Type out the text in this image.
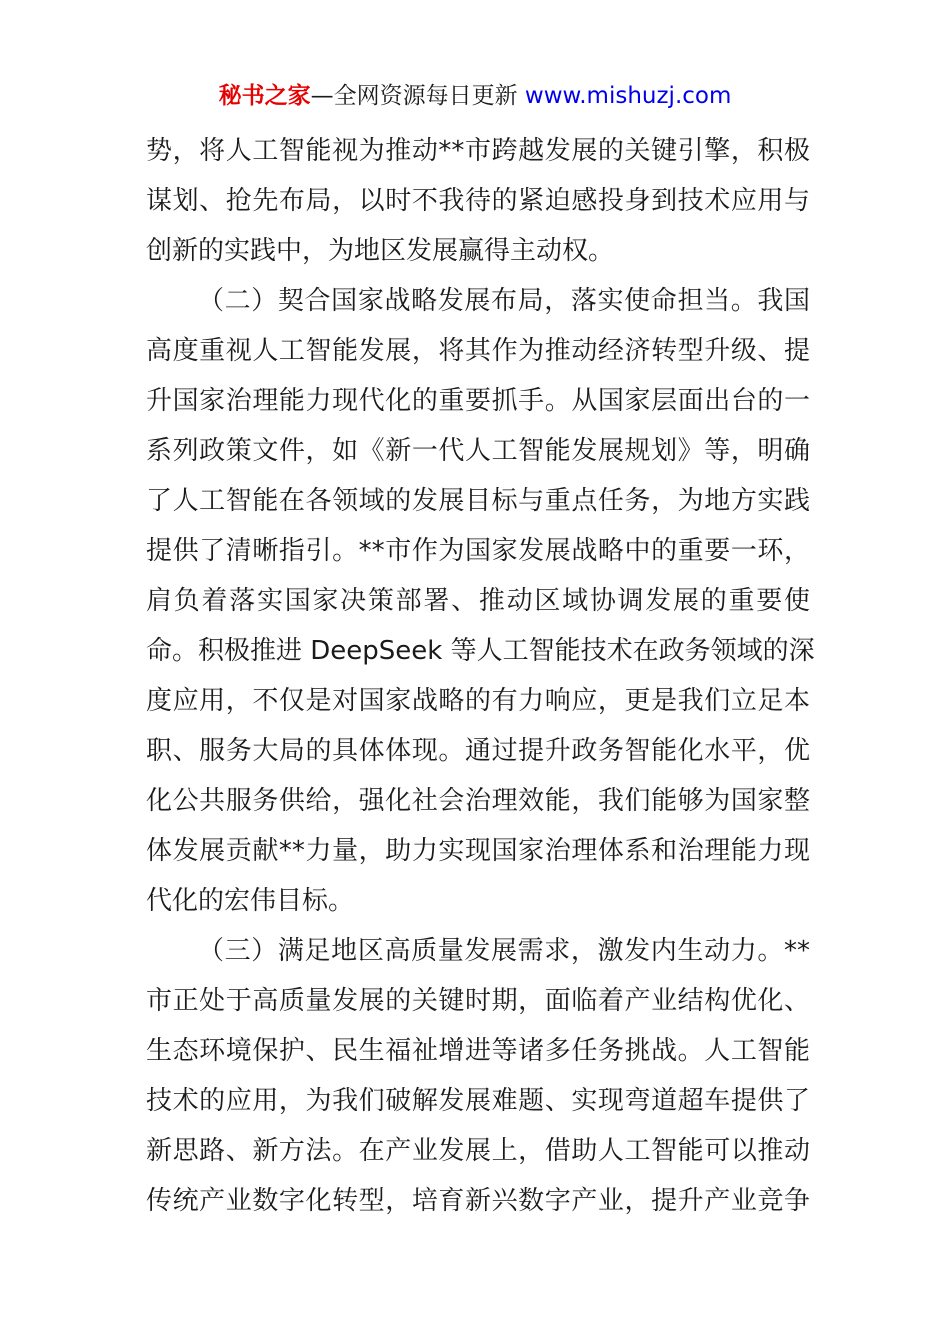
秘书之家—全网资源每日更新 www.mishuzj.com
势，将人工智能视为推动**市跨越发展的关键引擎，积极
谋划、抢先布局，以时不我待的紧迫感投身到技术应用与
创新的实践中，为地区发展赢得主动权。
（二）契合国家战略发展布局，落实使命担当。我国
高度重视人工智能发展，将其作为推动经济转型升级、提
升国家治理能力现代化的重要抓手。从国家层面出台的一
系列政策文件，如《新一代人工智能发展规划》等，明确
了人工智能在各领域的发展目标与重点任务，为地方实践
提供了清晰指引。**市作为国家发展战略中的重要一环，
肩负着落实国家决策部署、推动区域协调发展的重要使
命。积极推进 DeepSeek 等人工智能技术在政务领域的深
度应用，不仅是对国家战略的有力响应，更是我们立足本
职、服务大局的具体体现。通过提升政务智能化水平，优
化公共服务供给，强化社会治理效能，我们能够为国家整
体发展贡献**力量，助力实现国家治理体系和治理能力现
代化的宏伟目标。
（三）满足地区高质量发展需求，激发内生动力。**
市正处于高质量发展的关键时期，面临着产业结构优化、
生态环境保护、民生福祉增进等诸多任务挑战。人工智能
技术的应用，为我们破解发展难题、实现弯道超车提供了
新思路、新方法。在产业发展上，借助人工智能可以推动
传统产业数字化转型，培育新兴数字产业，提升产业竞争
